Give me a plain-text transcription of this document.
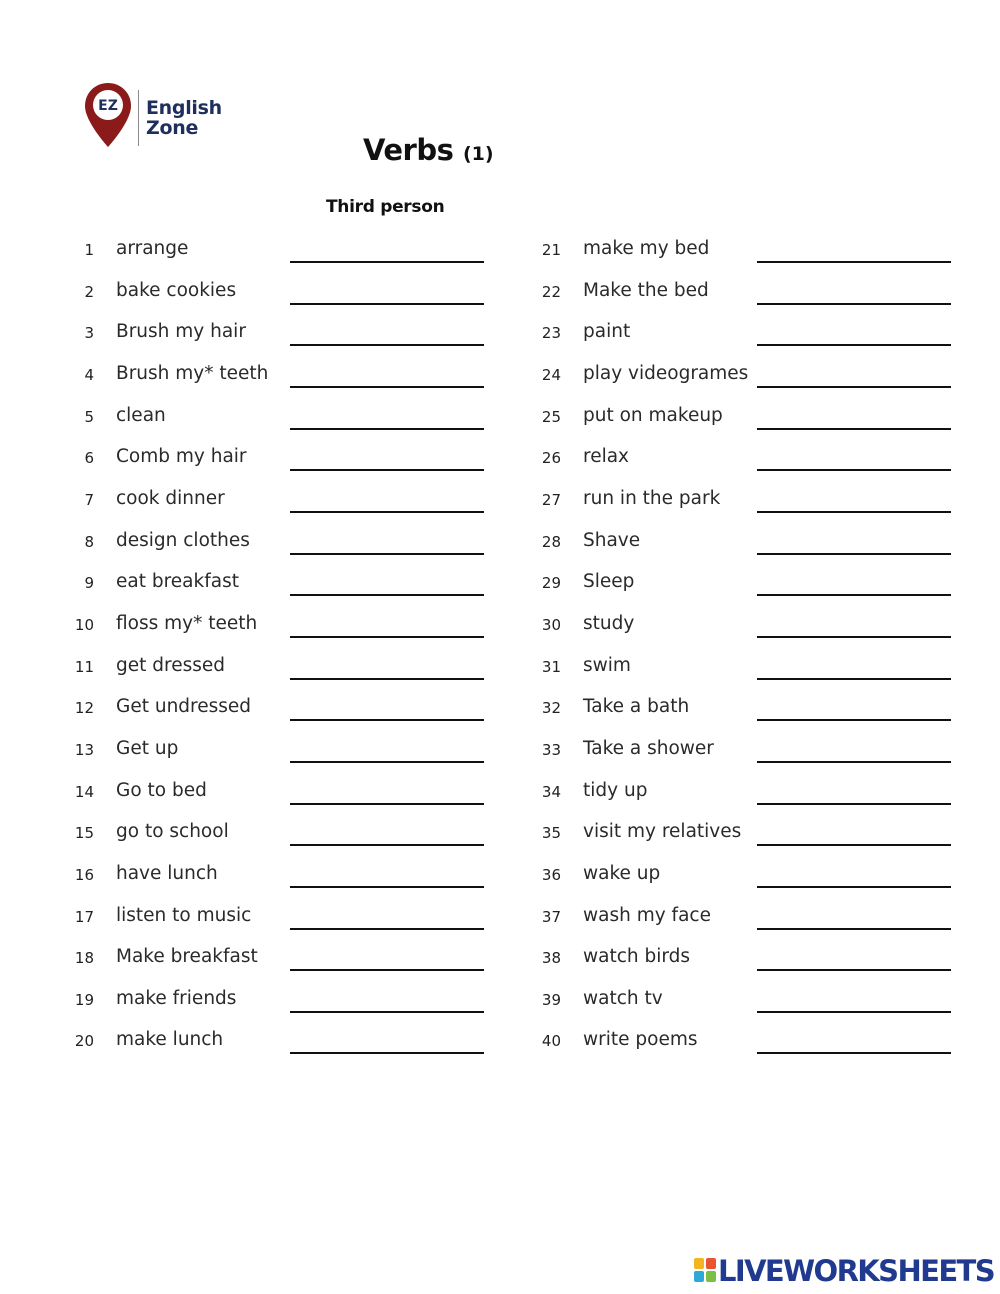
EZ English
Zone
Verbs (1)
Third person
1 arrange
2 bake cookies
3 Brush my hair
4 Brush my* teeth
5 clean
6 Comb my hair
7 cook dinner
8 design clothes
9 eat breakfast
10 floss my* teeth
11 get dressed
12 Get undressed
13 Get up
14 Go to bed
15 go to school
16 have lunch
17 listen to music
18 Make breakfast
19 make friends
20 make lunch
21 make my bed
22 Make the bed
23 paint
24 play videogrames
25 put on makeup
26 relax
27 run in the park
28 Shave
29 Sleep
30 study
31 swim
32 Take a bath
33 Take a shower
34 tidy up
35 visit my relatives
36 wake up
37 wash my face
38 watch birds
39 watch tv
40 write poems
LIVEWORKSHEETS
